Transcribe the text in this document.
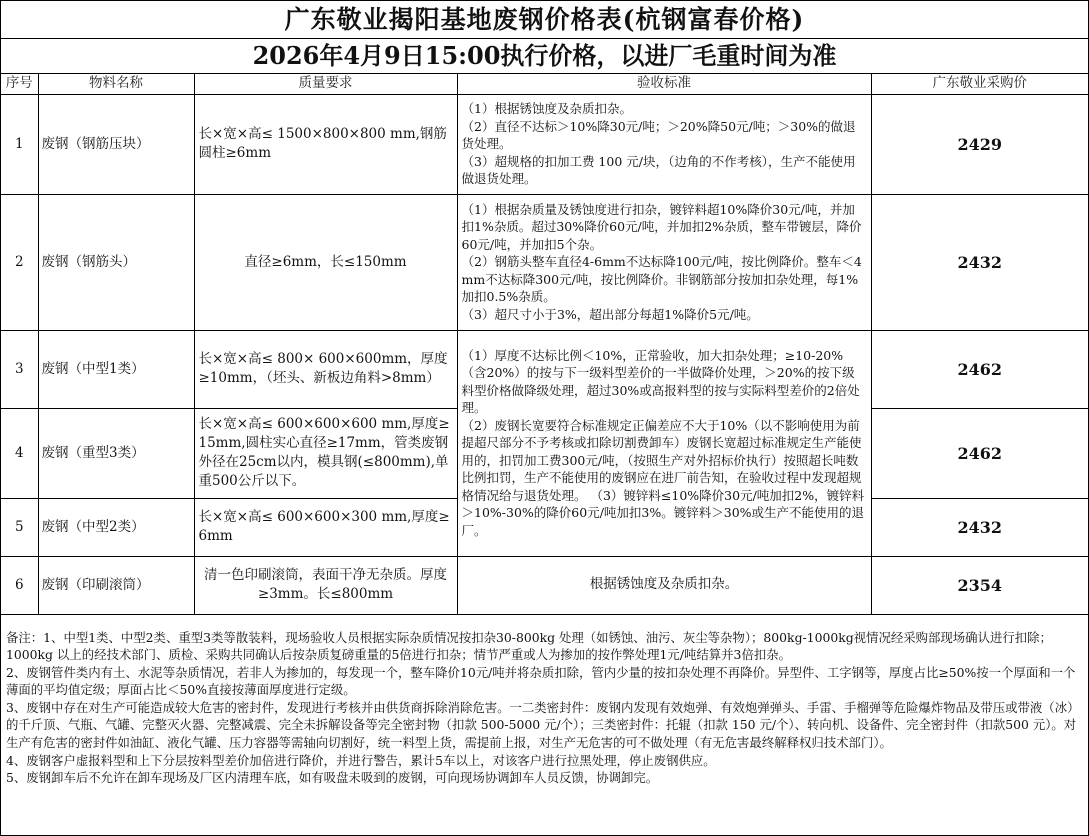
广东敬业揭阳基地废钢价格表(杭钢富春价格)
2026年4月9日15:00执行价格，以进厂毛重时间为准
序号	物料名称	质量要求	验收标准	广东敬业采购价
1	废钢（钢筋压块）	长×宽×高≤ 1500×800×800 mm,钢筋圆柱≥6mm	（1）根据锈蚀度及杂质扣杂。
（2）直径不达标＞10%降30元/吨；＞20%降50元/吨；＞30%的做退货处理。
（3）超规格的扣加工费 100 元/块，（边角的不作考核），生产不能使用做退货处理。	2429
2	废钢（钢筋头）	直径≥6mm，长≤150mm	（1）根据杂质量及锈蚀度进行扣杂，镀锌料超10%降价30元/吨，并加扣1%杂质。超过30%降价60元/吨，并加扣2%杂质，整车带镀层，降价60元/吨，并加扣5个杂。
（2）钢筋头整车直径4-6mm不达标降100元/吨，按比例降价。整车＜4mm不达标降300元/吨，按比例降价。非钢筋部分按加扣杂处理，每1%加扣0.5%杂质。
（3）超尺寸小于3%，超出部分每超1%降价5元/吨。	2432
3	废钢（中型1类）	长×宽×高≤ 800× 600×600mm，厚度≥10mm，（坯头、新板边角料>8mm）	（1）厚度不达标比例＜10%，正常验收，加大扣杂处理；≥10-20%（含20%）的按与下一级料型差价的一半做降价处理，＞20%的按下级料型价格做降级处理，超过30%或高报料型的按与实际料型差价的2倍处理。
（2）废钢长宽要符合标准规定正偏差应不大于10%（以不影响使用为前提超尺部分不予考核或扣除切割费卸车）废钢长宽超过标准规定生产能使用的，扣罚加工费300元/吨，（按照生产对外招标价执行）按照超长吨数比例扣罚，生产不能使用的废钢应在进厂前告知，在验收过程中发现超规格情况给与退货处理。 （3）镀锌料≤10%降价30元/吨加扣2%，镀锌料＞10%-30%的降价60元/吨加扣3%。镀锌料＞30%或生产不能使用的退厂。	2462
4	废钢（重型3类）	长×宽×高≤ 600×600×600 mm,厚度≥15mm,圆柱实心直径≥17mm，管类废钢外径在25cm以内，模具钢(≤800mm),单重500公斤以下。		2462
5	废钢（中型2类）	长×宽×高≤ 600×600×300 mm,厚度≥6mm		2432
6	废钢（印刷滚筒）	清一色印刷滚筒，表面干净无杂质。厚度≥3mm。长≤800mm	根据锈蚀度及杂质扣杂。	2354

备注：1、中型1类、中型2类、重型3类等散装料，现场验收人员根据实际杂质情况按扣杂30-800kg 处理（如锈蚀、油污、灰尘等杂物）；800kg-1000kg视情况经采购部现场确认进行扣除；1000kg 以上的经技术部门、质检、采购共同确认后按杂质复磅重量的5倍进行扣杂；情节严重或人为掺加的按作弊处理1元/吨结算并3倍扣杂。

2、废钢管件类内有土、水泥等杂质情况，若非人为掺加的，每发现一个，整车降价10元/吨并将杂质扣除，管内少量的按扣杂处理不再降价。异型件、工字钢等，厚度占比≥50%按一个厚面和一个薄面的平均值定级；厚面占比＜50%直接按薄面厚度进行定级。

3、废钢中存在对生产可能造成较大危害的密封件，发现进行考核并由供货商拆除消除危害。一二类密封件：废钢内发现有效炮弹、有效炮弹弹头、手雷、手榴弹等危险爆炸物品及带压或带液（冰）的千斤顶、气瓶、气罐、完整灭火器、完整减震、完全未拆解设备等完全密封物（扣款 500-5000 元/个）；三类密封件：托辊（扣款 150 元/个）、转向机、设备件、完全密封件（扣款500 元）。对生产有危害的密封件如油缸、液化气罐、压力容器等需轴向切割好，统一料型上货，需提前上报，对生产无危害的可不做处理（有无危害最终解释权归技术部门）。

4、废钢客户虚报料型和上下分层按料型差价加倍进行降价，并进行警告，累计5车以上，对该客户进行拉黑处理，停止废钢供应。

5、废钢卸车后不允许在卸车现场及厂区内清理车底，如有吸盘未吸到的废钢，可向现场协调卸车人员反馈，协调卸完。
